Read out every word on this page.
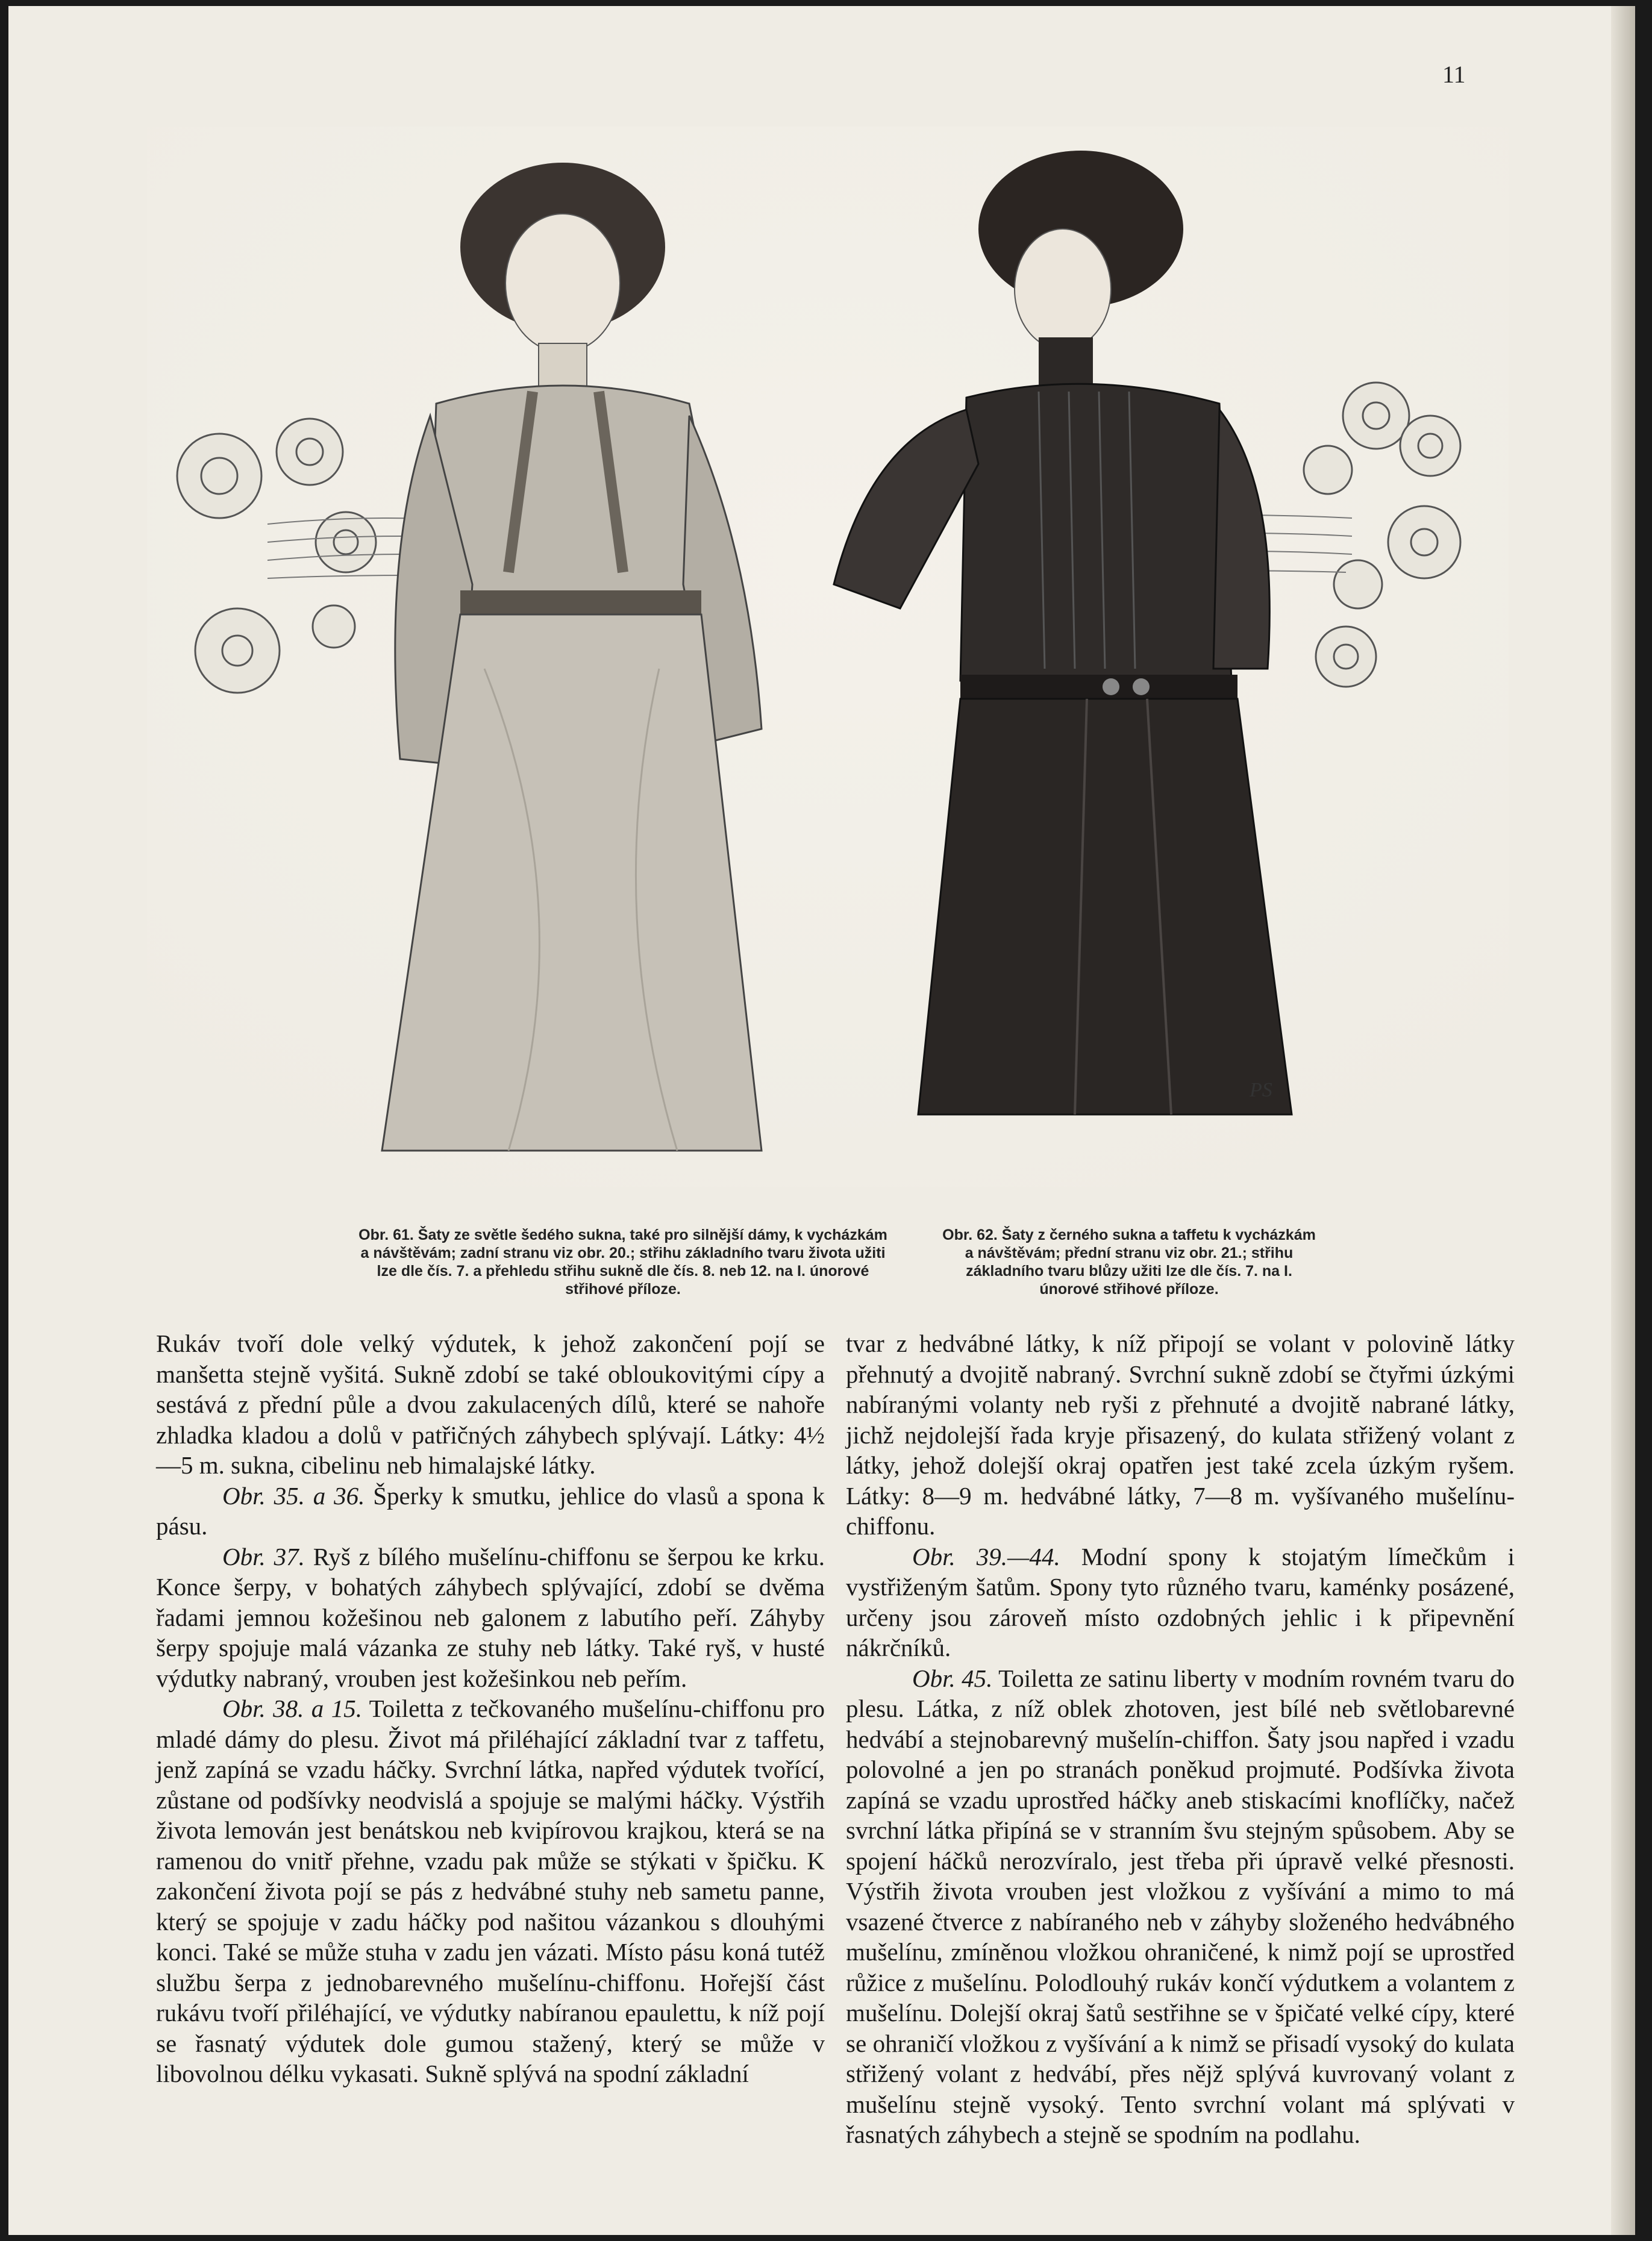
11
PS
Obr. 61. Šaty ze světle šedého sukna, také pro silnější dámy, k vycházkám a návštěvám; zadní stranu viz obr. 20.; střihu základního tvaru života užiti lze dle čís. 7. a přehledu střihu sukně dle čís. 8. neb 12. na I. únorové střihové příloze.
Obr. 62. Šaty z černého sukna a taffetu k vycházkám a návštěvám; přední stranu viz obr. 21.; střihu základního tvaru blůzy užiti lze dle čís. 7. na I. únorové střihové příloze.

Rukáv tvoří dole velký výdutek, k jehož zakončení pojí se manšetta stejně vyšitá. Sukně zdobí se také obloukovitými cípy a sestává z přední půle a dvou zakulacených dílů, které se nahoře zhladka kladou a dolů v patřičných záhybech splývají. Látky: 4½—5 m. sukna, cibelinu neb himalajské látky.

Obr. 35. a 36. Šperky k smutku, jehlice do vlasů a spona k pásu.

Obr. 37. Ryš z bílého mušelínu-chiffonu se šerpou ke krku. Konce šerpy, v bohatých záhybech splývající, zdobí se dvěma řadami jemnou kožešinou neb galonem z labutího peří. Záhyby šerpy spojuje malá vázanka ze stuhy neb látky. Také ryš, v husté výdutky nabraný, vrouben jest kožešinkou neb peřím.

Obr. 38. a 15. Toiletta z tečkovaného mušelínu-chiffonu pro mladé dámy do plesu. Život má přiléhající základní tvar z taffetu, jenž zapíná se vzadu háčky. Svrchní látka, napřed výdutek tvořící, zůstane od podšívky neodvislá a spojuje se malými háčky. Výstřih života lemován jest benátskou neb kvipírovou krajkou, která se na ramenou do vnitř přehne, vzadu pak může se stýkati v špičku. K zakončení života pojí se pás z hedvábné stuhy neb sametu panne, který se spojuje v zadu háčky pod našitou vázankou s dlouhými konci. Také se může stuha v zadu jen vázati. Místo pásu koná tutéž službu šerpa z jednobarevného mušelínu-chiffonu. Hořejší část rukávu tvoří přiléhající, ve výdutky nabíranou epaulettu, k níž pojí se řasnatý výdutek dole gumou stažený, který se může v libovolnou délku vykasati. Sukně splývá na spodní základní

tvar z hedvábné látky, k níž připojí se volant v polovině látky přehnutý a dvojitě nabraný. Svrchní sukně zdobí se čtyřmi úzkými nabíranými volanty neb ryši z přehnuté a dvojitě nabrané látky, jichž nejdolejší řada kryje přisazený, do kulata střižený volant z látky, jehož dolejší okraj opatřen jest také zcela úzkým ryšem. Látky: 8—9 m. hedvábné látky, 7—8 m. vyšívaného mušelínu-chiffonu.

Obr. 39.—44. Modní spony k stojatým límečkům i vystřiženým šatům. Spony tyto různého tvaru, kaménky posázené, určeny jsou zároveň místo ozdobných jehlic i k připevnění nákrčníků.

Obr. 45. Toiletta ze satinu liberty v modním rovném tvaru do plesu. Látka, z níž oblek zhotoven, jest bílé neb světlobarevné hedvábí a stejnobarevný mušelín-chiffon. Šaty jsou napřed i vzadu polovolné a jen po stranách poněkud projmuté. Podšívka života zapíná se vzadu uprostřed háčky aneb stiskacími knoflíčky, načež svrchní látka připíná se v stranním švu stejným spůsobem. Aby se spojení háčků nerozvíralo, jest třeba při úpravě velké přesnosti. Výstřih života vrouben jest vložkou z vyšívání a mimo to má vsazené čtverce z nabíraného neb v záhyby složeného hedvábného mušelínu, zmíněnou vložkou ohraničené, k nimž pojí se uprostřed růžice z mušelínu. Polodlouhý rukáv končí výdutkem a volantem z mušelínu. Dolejší okraj šatů sestřihne se v špičaté velké cípy, které se ohraničí vložkou z vyšívání a k nimž se přisadí vysoký do kulata střižený volant z hedvábí, přes nějž splývá kuvrovaný volant z mušelínu stejně vysoký. Tento svrchní volant má splývati v řasnatých záhybech a stejně se spodním na podlahu.
